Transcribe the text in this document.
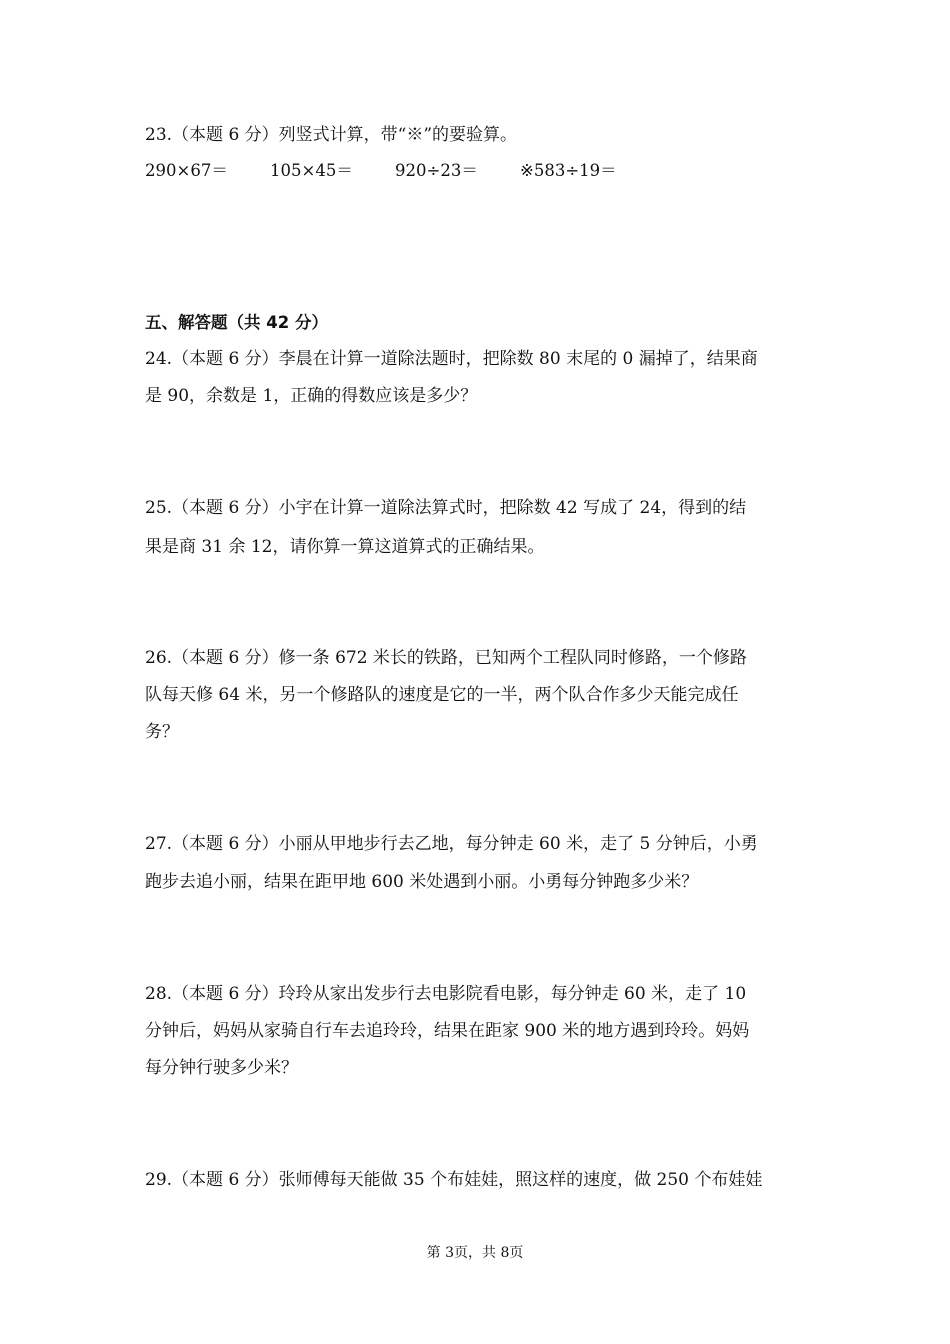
23.（本题 6 分）列竖式计算，带“※”的要验算。
290×67＝	105×45＝	920÷23＝	※583÷19＝
五、解答题（共 42 分）
24.（本题 6 分）李晨在计算一道除法题时，把除数 80 末尾的 0 漏掉了，结果商
是 90，余数是 1，正确的得数应该是多少？
25.（本题 6 分）小宇在计算一道除法算式时，把除数 42 写成了 24，得到的结
果是商 31 余 12，请你算一算这道算式的正确结果。
26.（本题 6 分）修一条 672 米长的铁路，已知两个工程队同时修路，一个修路
队每天修 64 米，另一个修路队的速度是它的一半，两个队合作多少天能完成任
务？
27.（本题 6 分）小丽从甲地步行去乙地，每分钟走 60 米，走了 5 分钟后，小勇
跑步去追小丽，结果在距甲地 600 米处遇到小丽。小勇每分钟跑多少米？
28.（本题 6 分）玲玲从家出发步行去电影院看电影，每分钟走 60 米，走了 10
分钟后，妈妈从家骑自行车去追玲玲，结果在距家 900 米的地方遇到玲玲。妈妈
每分钟行驶多少米？
29.（本题 6 分）张师傅每天能做 35 个布娃娃，照这样的速度，做 250 个布娃娃
第 3页，共 8页
